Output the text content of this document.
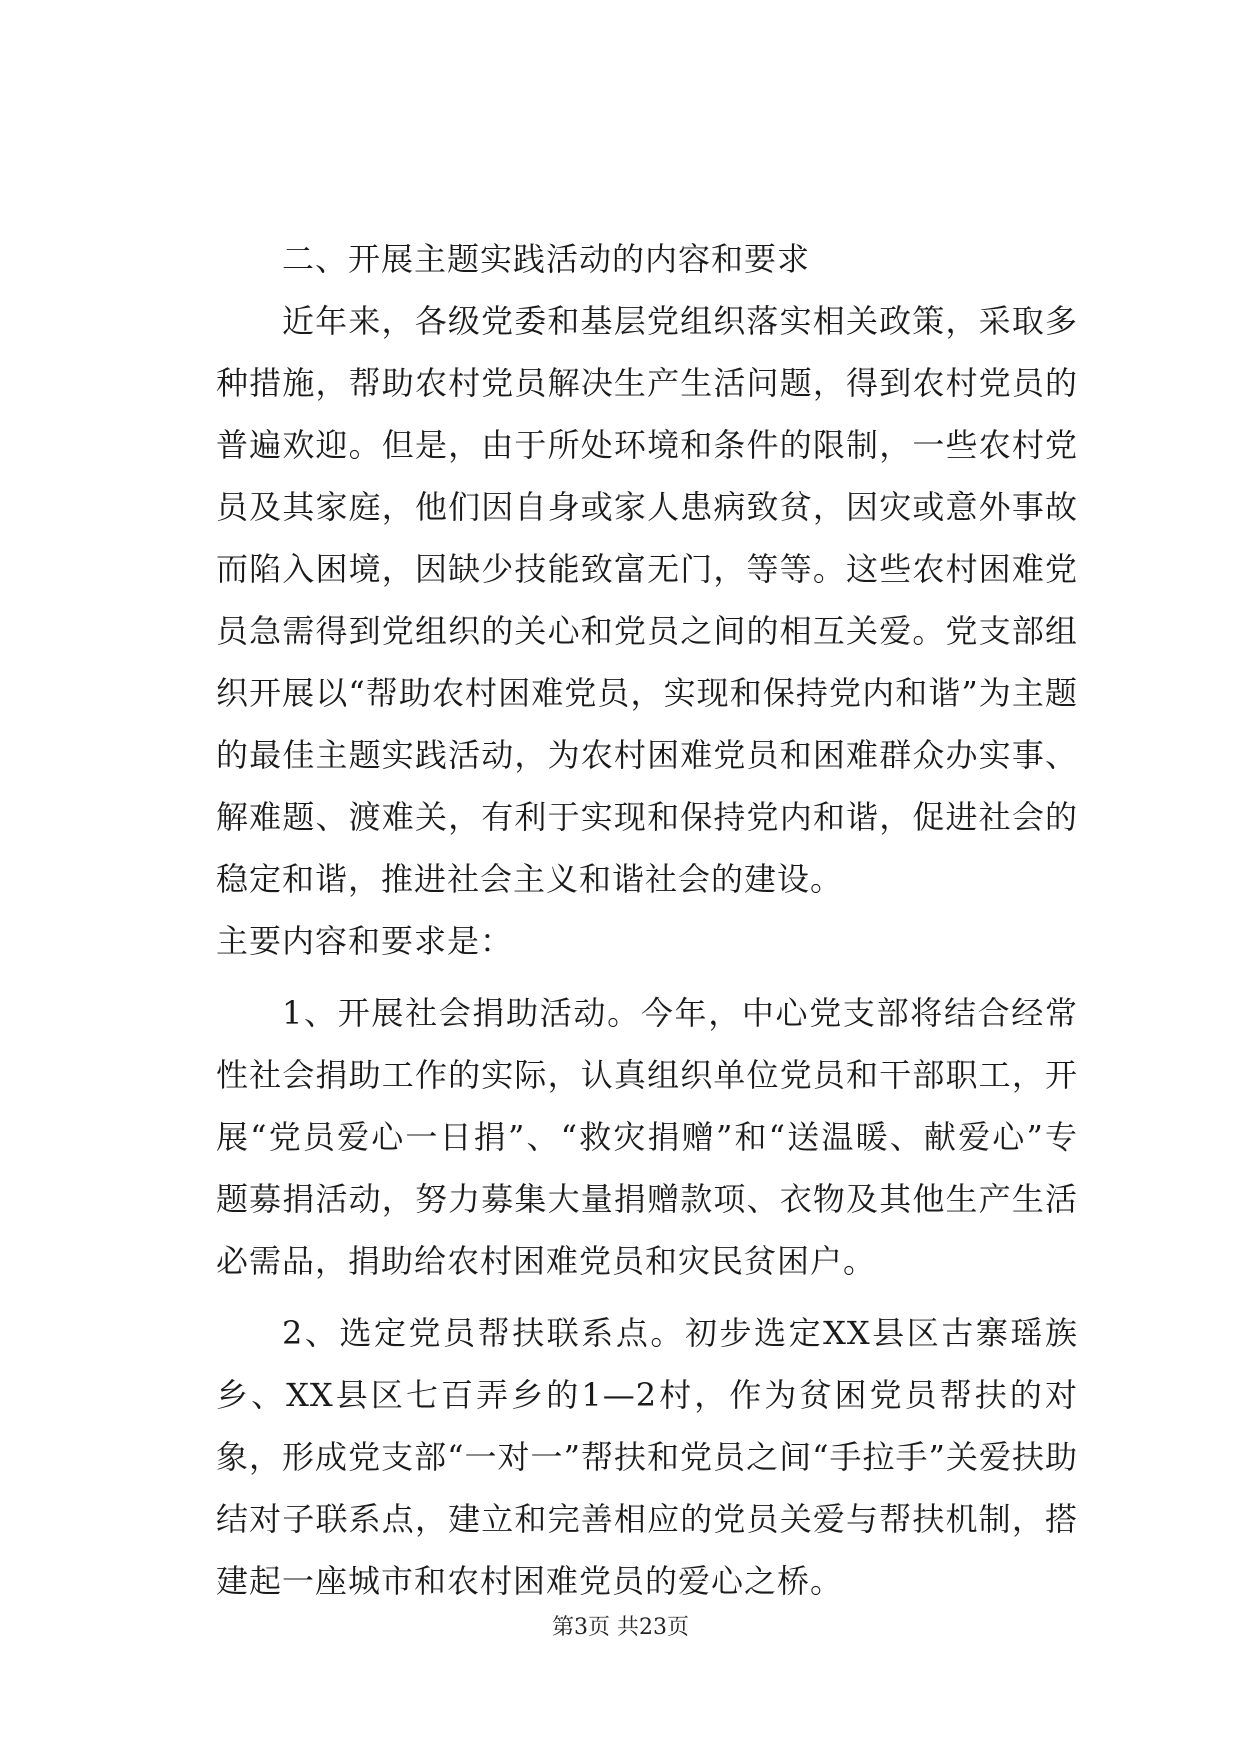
二、开展主题实践活动的内容和要求

近年来，各级党委和基层党组织落实相关政策，采取多种措施，帮助农村党员解决生产生活问题，得到农村党员的普遍欢迎。但是，由于所处环境和条件的限制，一些农村党员及其家庭，他们因自身或家人患病致贫，因灾或意外事故而陷入困境，因缺少技能致富无门，等等。这些农村困难党员急需得到党组织的关心和党员之间的相互关爱。党支部组织开展以“帮助农村困难党员，实现和保持党内和谐”为主题的最佳主题实践活动，为农村困难党员和困难群众办实事、解难题、渡难关，有利于实现和保持党内和谐，促进社会的稳定和谐，推进社会主义和谐社会的建设。

主要内容和要求是：

1、开展社会捐助活动。今年，中心党支部将结合经常性社会捐助工作的实际，认真组织单位党员和干部职工，开展“党员爱心一日捐”、“救灾捐赠”和“送温暖、献爱心”专题募捐活动，努力募集大量捐赠款项、衣物及其他生产生活必需品，捐助给农村困难党员和灾民贫困户。

2、选定党员帮扶联系点。初步选定XX县区古寨瑶族乡、XX县区七百弄乡的1—2村，作为贫困党员帮扶的对象，形成党支部“一对一”帮扶和党员之间“手拉手”关爱扶助结对子联系点，建立和完善相应的党员关爱与帮扶机制，搭建起一座城市和农村困难党员的爱心之桥。

第3页 共23页
